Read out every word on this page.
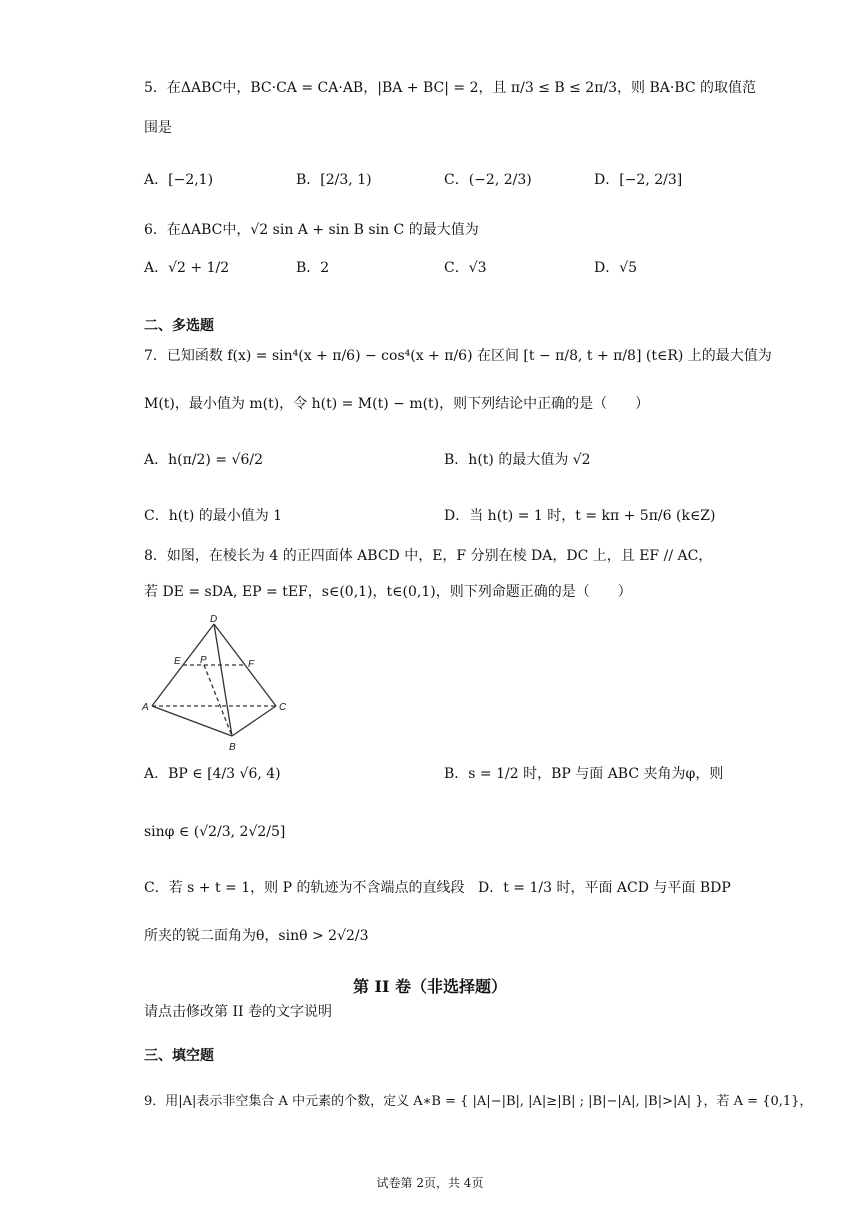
5．在ΔABC中，BC·CA = CA·AB，|BA + BC| = 2，且 π/3 ≤ B ≤ 2π/3，则 BA·BC 的取值范
围是
A．[−2,1)	B．[2/3, 1)	C．(−2, 2/3)	D．[−2, 2/3]
6．在ΔABC中，√2 sin A + sin B sin C 的最大值为
A．√2 + 1/2	B．2	C．√3	D．√5
二、多选题
7．已知函数 f(x) = sin⁴(x + π/6) − cos⁴(x + π/6) 在区间 [t − π/8, t + π/8] (t∈R) 上的最大值为
M(t)，最小值为 m(t)，令 h(t) = M(t) − m(t)，则下列结论中正确的是（　　）
A．h(π/2) = √6/2	B．h(t) 的最大值为 √2
C．h(t) 的最小值为 1	D．当 h(t) = 1 时，t = kπ + 5π/6 (k∈Z)
8．如图，在棱长为 4 的正四面体 ABCD 中，E，F 分别在棱 DA，DC 上，且 EF // AC，
若 DE = sDA, EP = tEF，s∈(0,1)，t∈(0,1)，则下列命题正确的是（　　）
D
E P	F
A	C
B
A．BP ∈ [4/3 √6, 4)	B．s = 1/2 时，BP 与面 ABC 夹角为φ，则
sinφ ∈ (√2/3, 2√2/5]
C．若 s + t = 1，则 P 的轨迹为不含端点的直线段 D．t = 1/3 时，平面 ACD 与平面 BDP
所夹的锐二面角为θ，sinθ > 2√2/3
第 II 卷（非选择题）
请点击修改第 II 卷的文字说明
三、填空题
9．用|A|表示非空集合 A 中元素的个数，定义 A∗B = { |A|−|B|, |A|≥|B| ; |B|−|A|, |B|>|A| }，若 A = {0,1}，
试卷第 2页，共 4页
